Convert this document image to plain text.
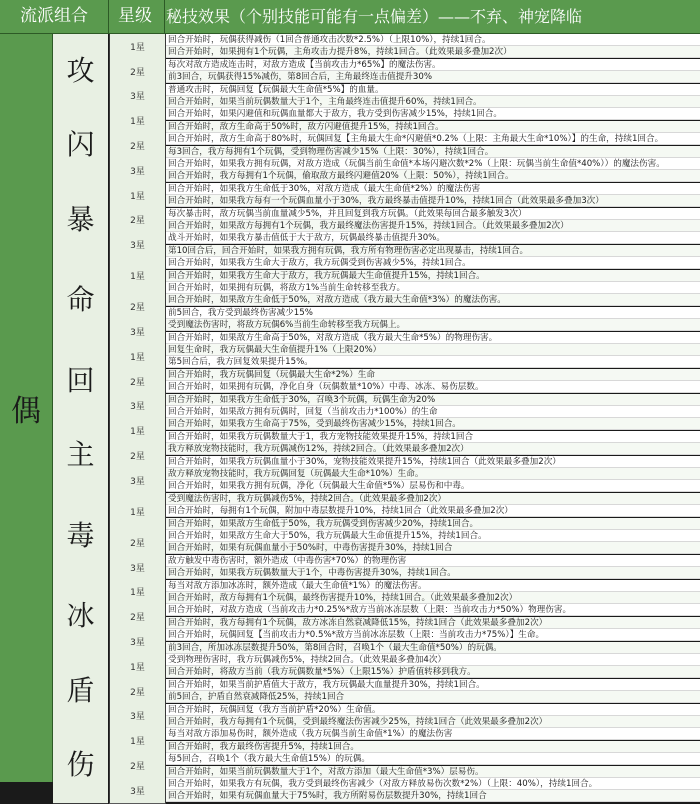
流派组合	星级 秘技效果（个别技能可能有一点偏差）——不弃、神宠降临
偶
攻
1星
2星
3星
回合开始时，玩偶获得减伤（1回合普通攻击次数*2.5%）（上限10%），持续1回合。
回合开始时，如果拥有1个玩偶，主角攻击力提升8%，持续1回合。（此效果最多叠加2次）
每次对敌方造成连击时，对敌方造成【当前攻击力*65%】的魔法伤害。
前3回合，玩偶获得15%减伤，第8回合后，主角最终连击值提升30%
普通攻击时，玩偶回复【玩偶最大生命值*5%】的血量。
回合开始时，如果当前玩偶数量大于1个，主角最终连击值提升60%，持续1回合。
闪
1星
2星
3星
回合开始时，如果闪避值和玩偶血量都大于敌方，我方受到伤害减少15%，持续1回合。
回合开始时，敌方生命高于50%时，敌方闪避值提升15%，持续1回合。
回合开始时，敌方生命高于80%时，玩偶回复【主角最大生命*闪避值*0.2%（上限：主角最大生命*10%）】的生命，持续1回合。
每3回合，我方每拥有1个玩偶，受到物理伤害减少15%（上限：30%），持续1回合。
回合开始时，如果我方拥有玩偶，对敌方造成（玩偶当前生命值*本场闪避次数*2%（上限：玩偶当前生命值*40%））的魔法伤害。
回合开始时，我方每拥有1个玩偶，偷取敌方最终闪避值20%（上限：50%），持续1回合。
暴
1星
2星
3星
回合开始时，如果我方生命低于30%，对敌方造成（最大生命值*2%）的魔法伤害
回合开始时，如果我方每有一个玩偶血量小于30%，我方最终暴击值提升10%，持续1回合（此效果最多叠加3次）
每次暴击时，敌方玩偶当前血量减少5%，并且回复到我方玩偶。（此效果每回合最多触发3次）
回合开始时，如果敌方每拥有1个玩偶，我方最终魔法伤害提升15%，持续1回合。（此效果最多叠加2次）
战斗开始时，如果我方暴击值低于大于敌方，玩偶最终暴击值提升30%。
第10回合后，回合开始时，如果我方拥有玩偶，我方所有物理伤害必定出现暴击，持续1回合。
命
1星
2星
3星
回合开始时，如果我方生命大于敌方，我方玩偶受到伤害减少5%，持续1回合。
回合开始时，如果我方生命大于敌方，我方玩偶最大生命值提升15%，持续1回合。
回合开始时，如果拥有玩偶，将敌方1%当前生命转移至我方。
回合开始时，如果敌方生命低于50%，对敌方造成（我方最大生命值*3%）的魔法伤害。
前5回合，我方受到最终伤害减少15%
受到魔法伤害时，将敌方玩偶6%当前生命转移至我方玩偶上。
回合开始时，如果敌方生命高于50%，对敌方造成（我方最大生命*5%）的物理伤害。
回
1星
2星
3星
回复生命时，我方玩偶最大生命值提升1%（上限20%）
第5回合后，我方回复效果提升15%。
回合开始时，我方玩偶回复（玩偶最大生命*2%）生命
回合开始时，如果拥有玩偶，净化自身（玩偶数量*10%）中毒、冰冻、易伤层数。
回合开始时，如果我方生命低于30%，召唤3个玩偶，玩偶生命为20%
回合开始时，如果敌方拥有玩偶时，回复（当前攻击力*100%）的生命
主
1星
2星
3星
回合开始时，如果我方生命高于75%，受到最终伤害减少15%，持续1回合。
回合开始时，如果我方玩偶数量大于1，我方宠物技能效果提升15%，持续1回合
我方释放宠物技能时，我方玩偶减伤12%，持续2回合。（此效果最多叠加2次）
回合开始时，如果我方玩偶血量小于30%，宠物技能效果提升15%，持续1回合（此效果最多叠加2次）
敌方释放宠物技能时，我方玩偶回复（玩偶最大生命*10%）生命。
回合开始时，如果我方拥有玩偶，净化（玩偶最大生命值*5%）层易伤和中毒。
毒
1星
2星
3星
受到魔法伤害时，我方玩偶减伤5%，持续2回合。（此效果最多叠加2次）
回合开始时，每拥有1个玩偶，附加中毒层数提升10%，持续1回合（此效果最多叠加2次）
回合开始时，如果敌方生命低于50%，我方玩偶受到伤害减少20%，持续1回合。
回合开始时，如果敌方生命大于50%，我方玩偶最大生命值提升15%，持续1回合。
回合开始时，如果有玩偶血量小于50%时，中毒伤害提升30%，持续1回合
敌方触发中毒伤害时，额外造成（中毒伤害*70%）的物理伤害
回合开始时，如果我方玩偶数量大于1个，中毒伤害提升30%，持续1回合。
冰
1星
2星
3星
每当对敌方添加冰冻时，额外造成（最大生命值*1%）的魔法伤害。
回合开始时，敌方每拥有1个玩偶，最终伤害提升10%，持续1回合。（此效果最多叠加2次）
回合开始时，对敌方造成（当前攻击力*0.25%*敌方当前冰冻层数（上限：当前攻击力*50%）物理伤害。
回合开始时，我方每拥有1个玩偶，敌方冰冻自然衰减降低15%，持续1回合（此效果最多叠加2次）
回合开始时，玩偶回复【当前攻击力*0.5%*敌方当前冰冻层数（上限：当前攻击力*75%）】生命。
前3回合，所加冰冻层数提升50%，第8回合时，召唤1个（最大生命值*50%）的玩偶。
盾
1星
2星
3星
受到物理伤害时，我方玩偶减伤5%，持续2回合。（此效果最多叠加4次）
回合开始时，将敌方当前（我方玩偶数量*5%）（上限15%）护盾值转移到我方。
回合开始时，如果当前护盾值大于敌方，我方玩偶最大血量提升30%，持续1回合。
前5回合，护盾自然衰减降低25%，持续1回合
回合开始时，玩偶回复（我方当前护盾*20%）生命值。
回合开始时，我方每拥有1个玩偶，受到最终魔法伤害减少25%，持续1回合（此效果最多叠加2次）
伤
1星
2星
3星
每当对敌方添加易伤时，额外造成（我方玩偶当前生命值*1%）的魔法伤害
回合开始时，我方最终伤害提升5%，持续1回合。
每5回合，召唤1个（我方最大生命值15%）的玩偶。
回合开始时，如果当前玩偶数量大于1个，对敌方添加（最大生命值*3%）层易伤。
回合开始时，如果我方有玩偶，我方受到最终伤害减少（对敌方释放易伤次数*2%）（上限：40%），持续1回合。
回合开始时，如果有玩偶血量大于75%时，我方所附易伤层数提升30%，持续1回合
